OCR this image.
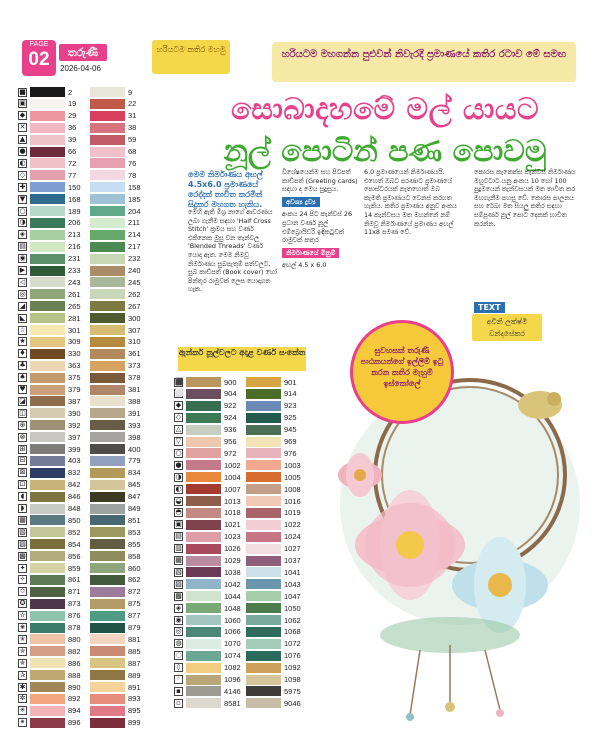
PAGE
02	තරුණී
2026-04-06
හරියටම කතිර මහමු	හරියටම මහගන්න පුළුවන් නිවැරදි ප්‍රමාණයේ කතිර රටාව මේ සමඟ
සොබාදහමේ මල් යායට
නූල් පොටින් පණ පොවමු
■	2	9
▣	19	22
◆	29	31
✕	36	38
▲	39	59
●	66	68
◐	72	76
◇	77	78
✚	150	158
▼	168	185
○	189	204
◑	206	211
◈	213	214
▤	216	217
◉	231	232
▶	233	240
◁	243	245
◎	261	262
◢	265	267
◣	281	300
☆	301	307
★	309	310
♦	330	361
♣	363	373
♠	375	378
♥	379	381
◪	387	388
◫	390	391
⊕	392	393
⊗	397	398
⊞	399	400
⊟	403	779
⊠	832	834
⊡	842	845
◖	846	847
◗	848	849
▦	850	851
▧	852	853
▨	854	855
▩	856	858
✦	859	860
✧	861	862
✩	871	872
✪	873	875
✫	876	877
✬	878	879
✭	880	881
✮	882	885
✯	886	887
✰	888	889
✱	890	891
✲	892	893
✳	894	895
✴	896	899
⬛	900	901
⬜	904	914
◆	922	923
◇	924	925
△	936	945
▽	956	969
○	972	976
●	1002	1003
◑	1004	1005
◐	1007	1008
◒	1013	1016
◓	1018	1019
▣	1021	1022
▤	1023	1024
▥	1026	1027
▦	1029	1037
▧	1038	1041
▨	1042	1043
▩	1044	1047
◈	1048	1050
◉	1060	1062
◎	1066	1068
◍	1070	1072
◌	1074	1076
◊	1082	1092
◦	1096	1098
▪	4146	5975
▫	8581	9046
මෙම නිර්මාණය අඟල් 4.5x6.0 ප්‍රමාණයේ රෙද්දක් තාවිත කරමින් සිදුකර මහගත හැකිය.
මෙහි ඇති මිශ්‍ර නාගේ ආවරණය ලබා ගැනීම සඳහා 'Half Cross Stitch' ක්‍රමය සහ වර්ණ එකිනෙක මුසු වන තැන්වල 'Blended Threads' වර්ණ යොදා ඇත. මෙම නිමවූ නිර්මාණය සුබපැතුම් පත්වලට, සුබ කාඩ්පත් (Book cover) හෝ පින්තූර රාමුවක් ලෙස යොදාගත හැක.
විශේෂයෙන්ම සහ පිටපත් කාඩ්පත් (Greeting cards) සඳහා ද මෙය සුදුසුය.
අවශ්‍ය ද්‍රව්‍ය
අංකය 24 පිට කැන්වස් 26 ප්‍රධාන වර්ණ නූල් එම්බ්‍රොයිඩරි ඉඳිකටුවක් රාමුවක් කතුර
නිර්මාණයේ මිනුම්
අඟල් 4.5 x 6.0
6.0 ප්‍රමාණයෙන් නිර්මාණයයි. එහෙත් ඔබට පරණාට ප්‍රමාණයේ පොස්ටරයක් නැතහොත් ඔබ කැමති ප්‍රමාණයට වෙනස් කරගත හැකිය. කතිර ප්‍රමාණය අනුව අංකය 14 කැන්වසය මත මහන්නේ නම් නිමවූ නිර්මාණයේ ප්‍රමාණය අඟල් 11x8 පමණ වේ.
කොරස කැනෙක්ස කැන්වස් නිර්මාණය මහුවටාට යනු අංකය 10 හෝ 100 පුදුමයෙන් කැන්වසයක් මත තාවිත කර මහගැනීම පහසු වේ. කොරස පාලනය සහ රේඛා මත සියලු කතිර සඳහා සම්පූර්ණ නූල් පොට දෙකක් භාවිත කරන්න.
TEXT
අචිනි ලක්ෂ්මි වන්දසේකර
ඇන්කර් නූල්වලට අදාළ වර්ණ සංකේත	සුවහසක් තරුණී පාඨකයන්ගේ ඉල්ලීම් ඉටු කරන කතිර මැහුම් ඉස්කෝලේ
